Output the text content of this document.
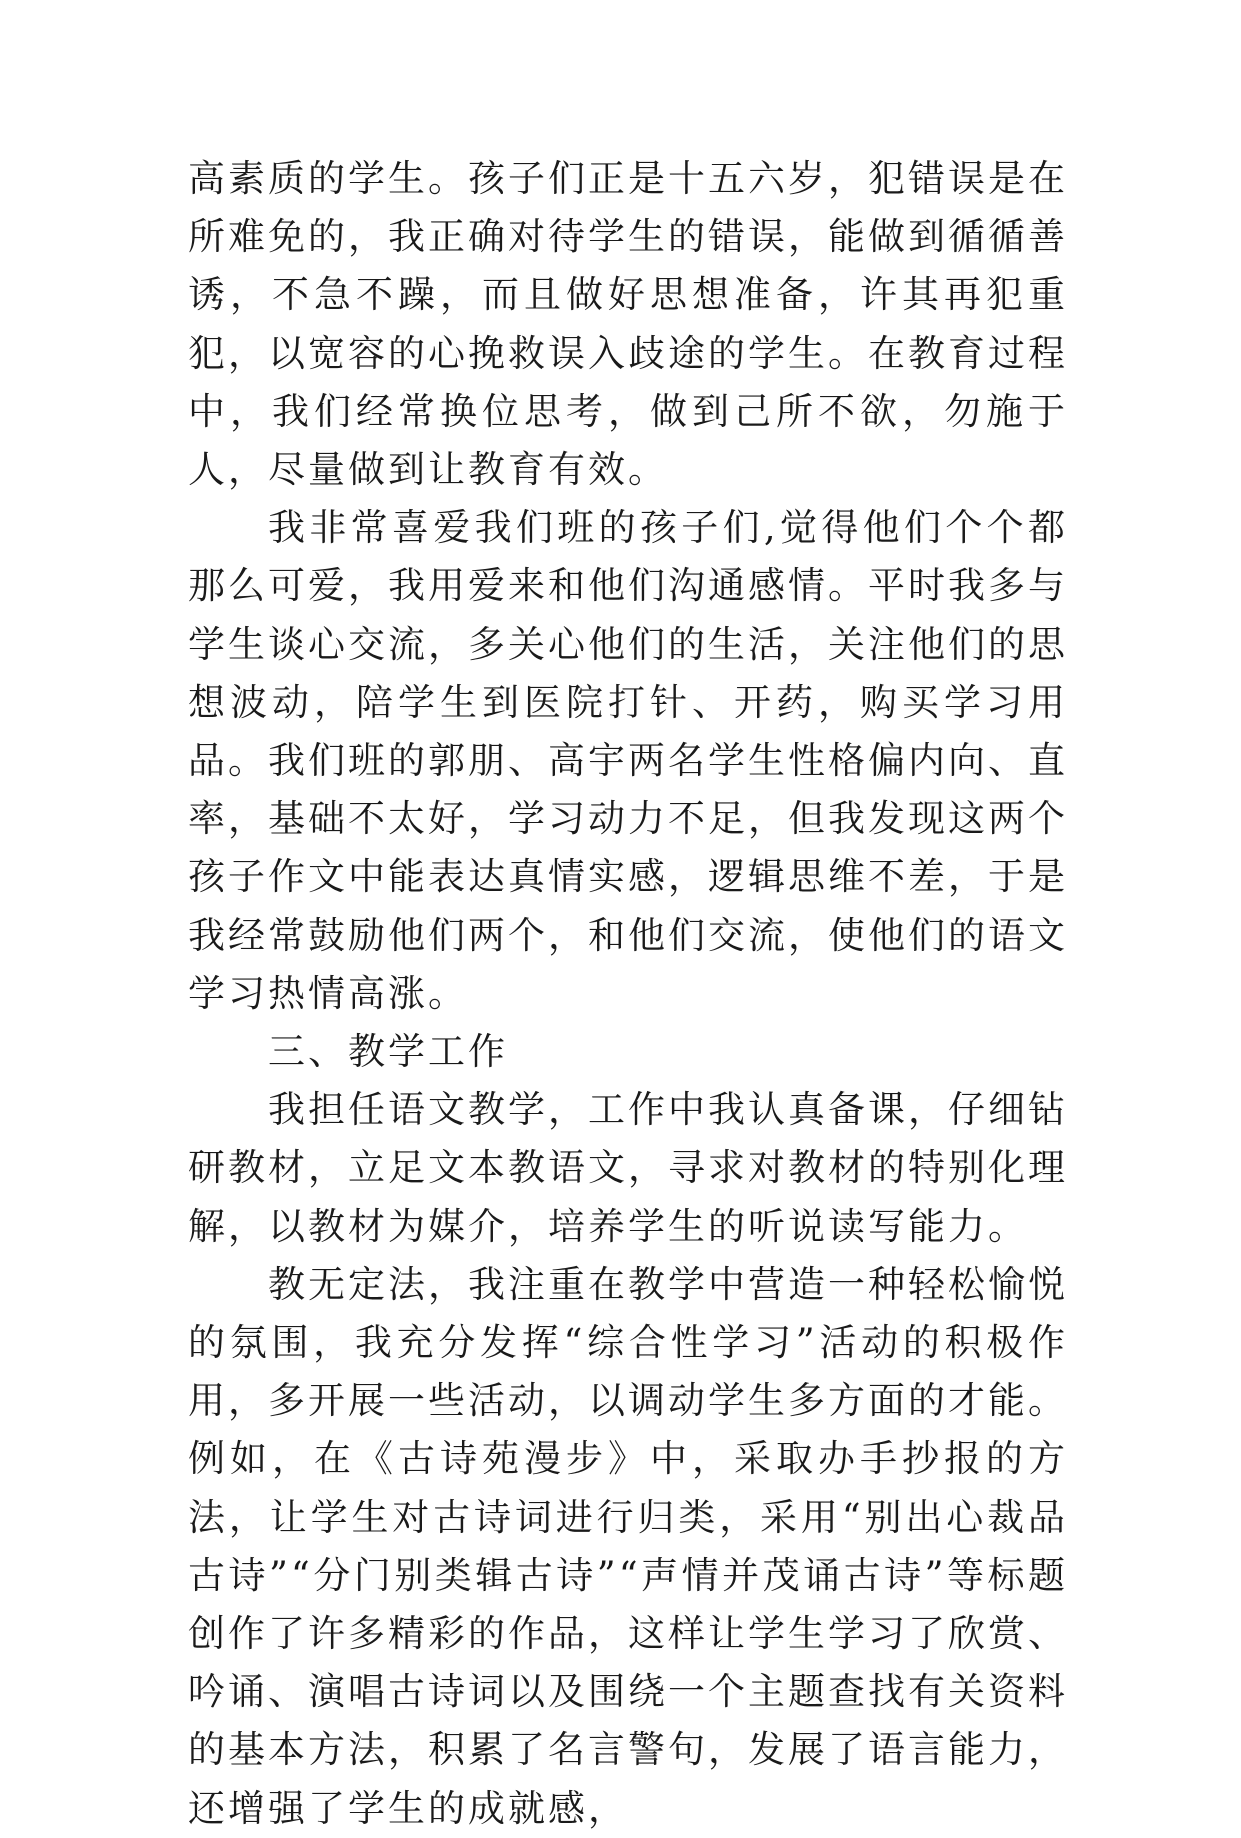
高素质的学生。孩子们正是十五六岁，犯错误是在所难免的，我正确对待学生的错误，能做到循循善诱，不急不躁，而且做好思想准备，许其再犯重犯，以宽容的心挽救误入歧途的学生。在教育过程中，我们经常换位思考，做到己所不欲，勿施于人，尽量做到让教育有效。

我非常喜爱我们班的孩子们,觉得他们个个都那么可爱，我用爱来和他们沟通感情。平时我多与学生谈心交流，多关心他们的生活，关注他们的思想波动，陪学生到医院打针、开药，购买学习用品。我们班的郭朋、高宇两名学生性格偏内向、直率，基础不太好，学习动力不足，但我发现这两个孩子作文中能表达真情实感，逻辑思维不差，于是我经常鼓励他们两个，和他们交流，使他们的语文学习热情高涨。

三、教学工作

我担任语文教学，工作中我认真备课，仔细钻研教材，立足文本教语文，寻求对教材的特别化理解，以教材为媒介，培养学生的听说读写能力。

教无定法，我注重在教学中营造一种轻松愉悦的氛围，我充分发挥“综合性学习”活动的积极作用，多开展一些活动，以调动学生多方面的才能。例如，在《古诗苑漫步》中，采取办手抄报的方法，让学生对古诗词进行归类，采用“别出心裁品古诗”“分门别类辑古诗”“声情并茂诵古诗”等标题创作了许多精彩的作品，这样让学生学习了欣赏、吟诵、演唱古诗词以及围绕一个主题查找有关资料的基本方法，积累了名言警句，发展了语言能力，还增强了学生的成就感，
